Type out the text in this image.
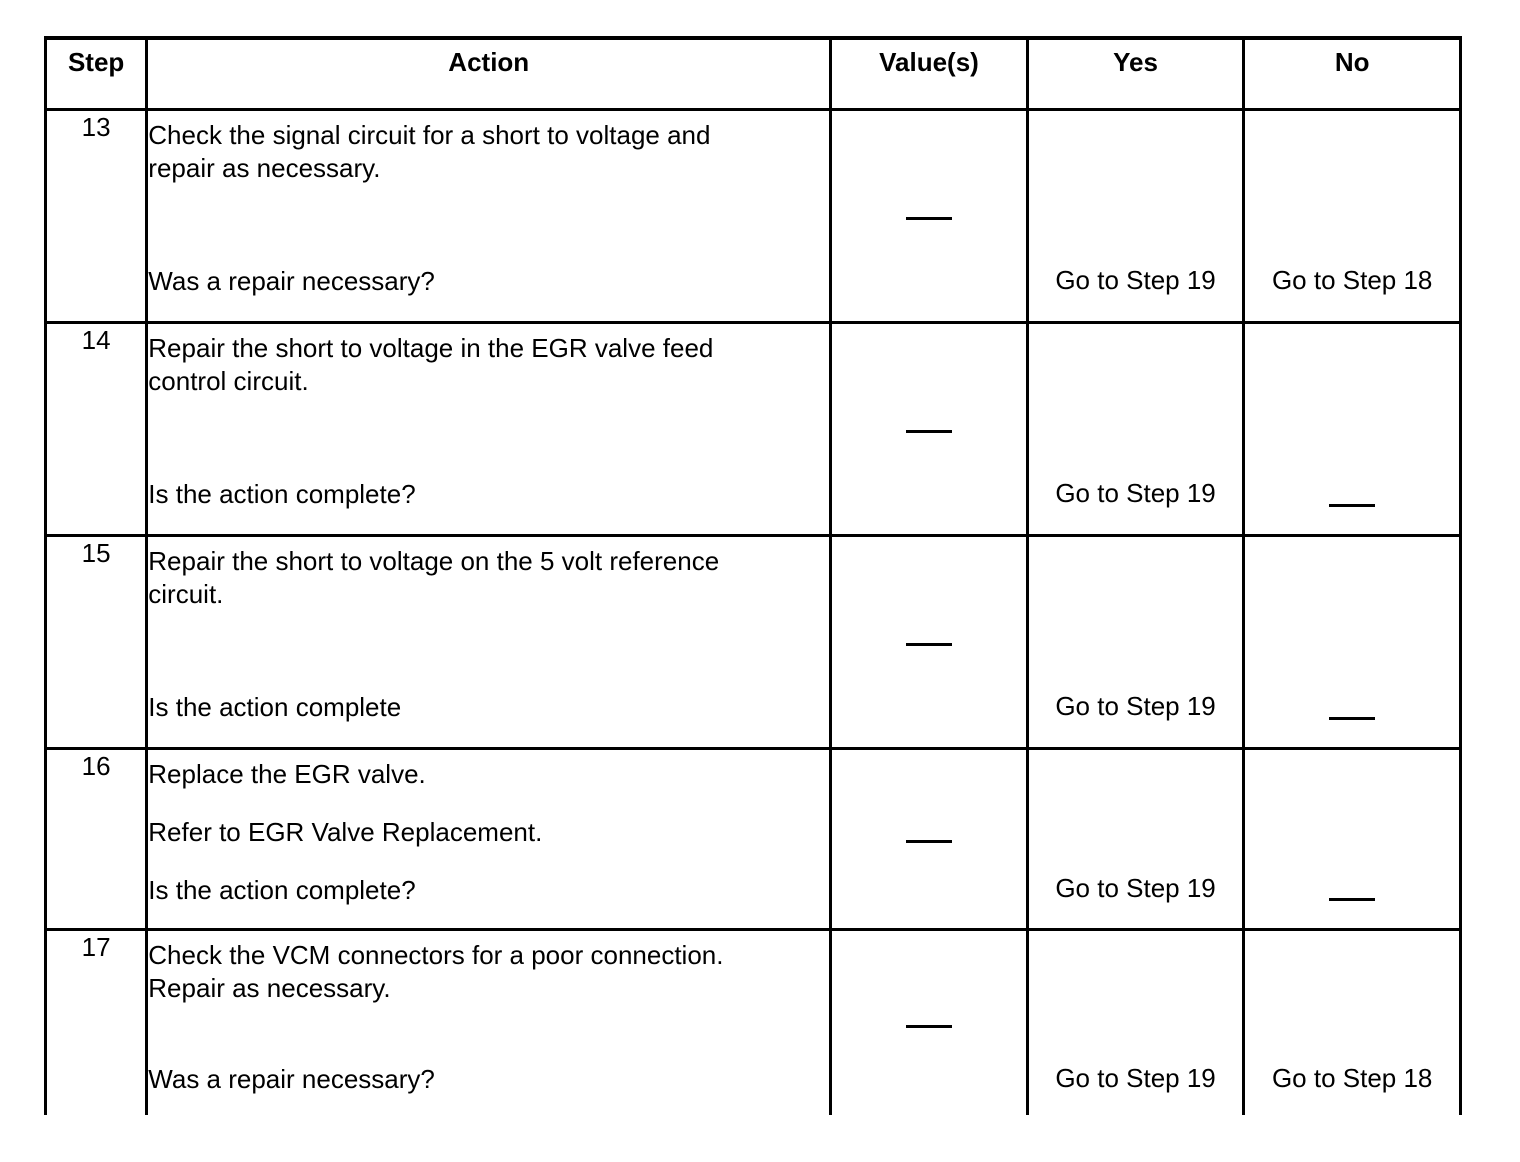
Step	Action	Value(s)	Yes	No
13	Check the signal circuit for a short to voltage and
repair as necessary.
Was a repair necessary?		Go to Step 19	Go to Step 18

14	Repair the short to voltage in the EGR valve feed
control circuit.
Is the action complete?		Go to Step 19	

15	Repair the short to voltage on the 5 volt reference
circuit.
Is the action complete		Go to Step 19	

16	Replace the EGR valve.
Refer to EGR Valve Replacement.
Is the action complete?		Go to Step 19	

17	Check the VCM connectors for a poor connection.
Repair as necessary.
Was a repair necessary?		Go to Step 19	Go to Step 18
